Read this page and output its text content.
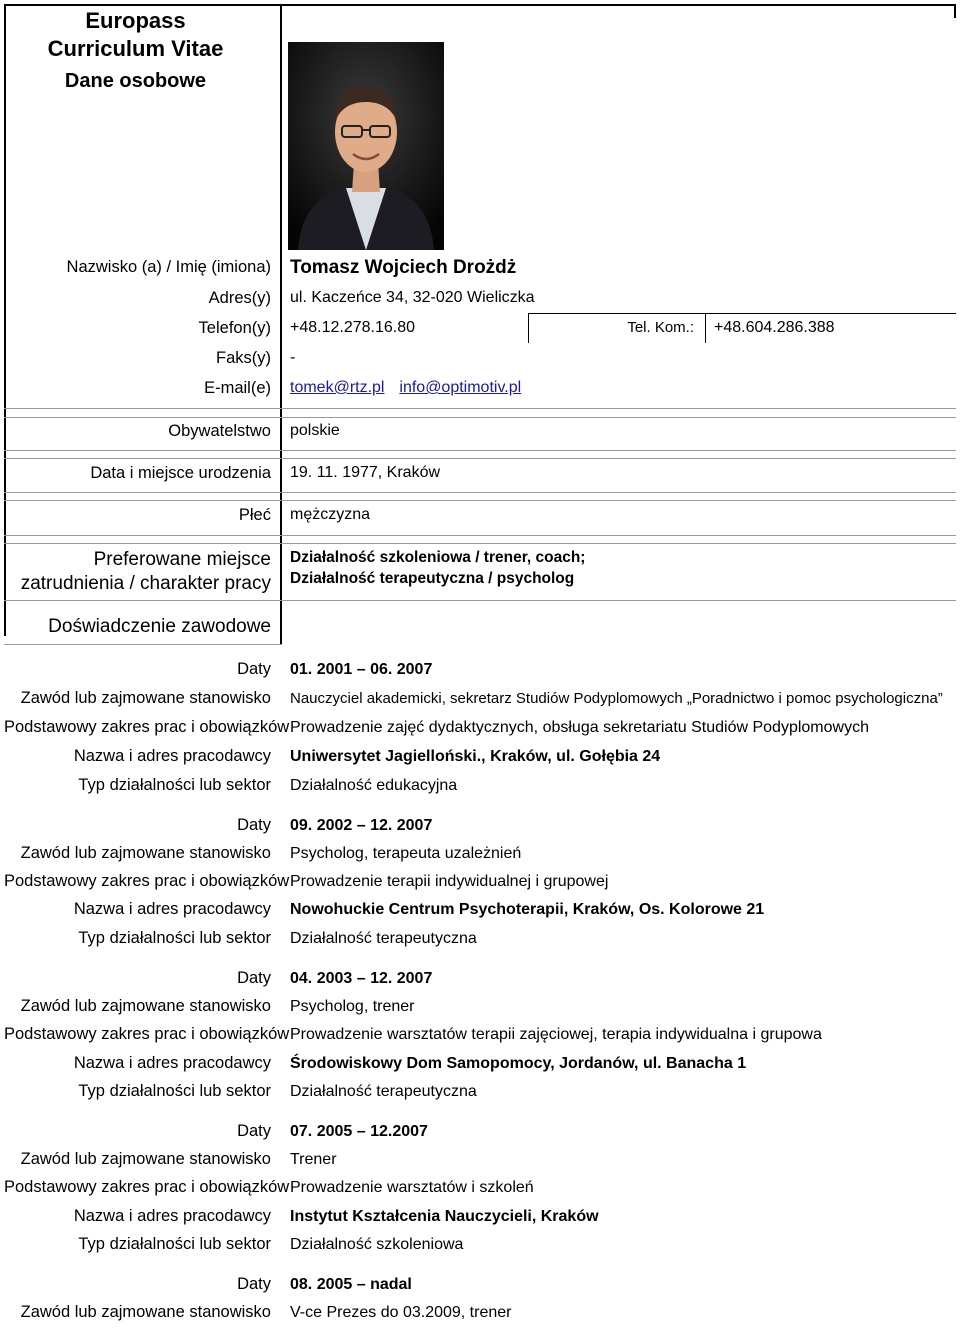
Europass
Curriculum Vitae
Dane osobowe
Nazwisko (a) / Imię (imiona) Tomasz Wojciech Drożdż
Adres(y) ul. Kaczeńce 34, 32-020 Wieliczka
Telefon(y) +48.12.278.16.80	Tel. Kom.: +48.604.286.388
Faks(y) -
E-mail(e) tomek@rtz.pl info@optimotiv.pl
Obywatelstwo polskie
Data i miejsce urodzenia 19. 11. 1977, Kraków
Płeć mężczyzna
Preferowane miejsce
zatrudnienia / charakter pracy
Działalność szkoleniowa / trener, coach;
Działalność terapeutyczna / psycholog
Doświadczenie zawodowe
Daty 01. 2001 – 06. 2007
Zawód lub zajmowane stanowisko Nauczyciel akademicki, sekretarz Studiów Podyplomowych „Poradnictwo i pomoc psychologiczna”
Podstawowy zakres prac i obowiązków Prowadzenie zajęć dydaktycznych, obsługa sekretariatu Studiów Podyplomowych
Nazwa i adres pracodawcy Uniwersytet Jagielloński., Kraków, ul. Gołębia 24
Typ działalności lub sektor Działalność edukacyjna
Daty 09. 2002 – 12. 2007
Zawód lub zajmowane stanowisko Psycholog, terapeuta uzależnień
Podstawowy zakres prac i obowiązków Prowadzenie terapii indywidualnej i grupowej
Nazwa i adres pracodawcy Nowohuckie Centrum Psychoterapii, Kraków, Os. Kolorowe 21
Typ działalności lub sektor Działalność terapeutyczna
Daty 04. 2003 – 12. 2007
Zawód lub zajmowane stanowisko Psycholog, trener
Podstawowy zakres prac i obowiązków Prowadzenie warsztatów terapii zajęciowej, terapia indywidualna i grupowa
Nazwa i adres pracodawcy Środowiskowy Dom Samopomocy, Jordanów, ul. Banacha 1
Typ działalności lub sektor Działalność terapeutyczna
Daty 07. 2005 – 12.2007
Zawód lub zajmowane stanowisko Trener
Podstawowy zakres prac i obowiązków Prowadzenie warsztatów i szkoleń
Nazwa i adres pracodawcy Instytut Kształcenia Nauczycieli, Kraków
Typ działalności lub sektor Działalność szkoleniowa
Daty 08. 2005 – nadal
Zawód lub zajmowane stanowisko V-ce Prezes do 03.2009, trener
